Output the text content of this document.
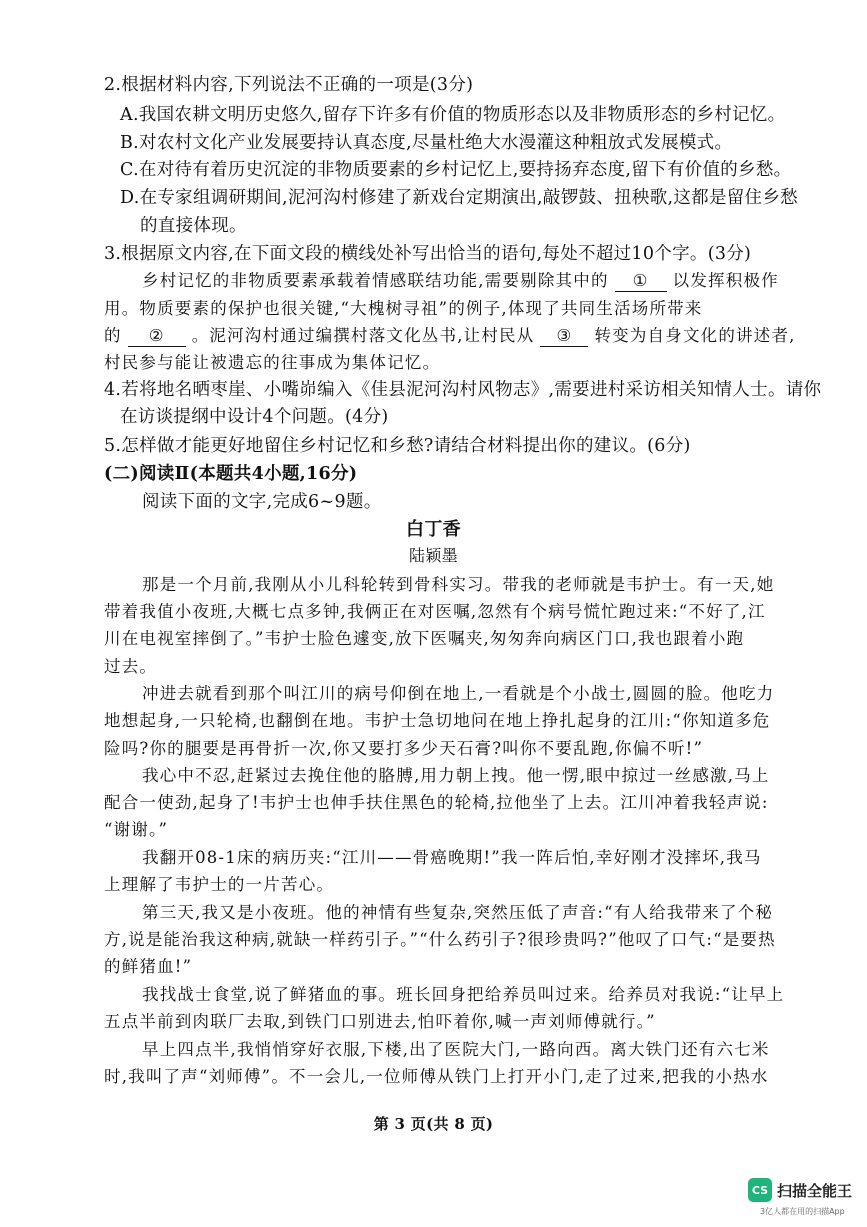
2.根据材料内容,下列说法不正确的一项是(3分)
A.我国农耕文明历史悠久,留存下许多有价值的物质形态以及非物质形态的乡村记忆。
B.对农村文化产业发展要持认真态度,尽量杜绝大水漫灌这种粗放式发展模式。
C.在对待有着历史沉淀的非物质要素的乡村记忆上,要持扬弃态度,留下有价值的乡愁。
D.在专家组调研期间,泥河沟村修建了新戏台定期演出,敲锣鼓、扭秧歌,这都是留住乡愁
的直接体现。
3.根据原文内容,在下面文段的横线处补写出恰当的语句,每处不超过10个字。(3分)
乡村记忆的非物质要素承载着情感联结功能,需要剔除其中的 ① 以发挥积极作
用。物质要素的保护也很关键,“大槐树寻祖”的例子,体现了共同生活场所带来
的 ② 。泥河沟村通过编撰村落文化丛书,让村民从 ③ 转变为自身文化的讲述者,
村民参与能让被遗忘的往事成为集体记忆。
4.若将地名晒枣崖、小嘴峁编入《佳县泥河沟村风物志》,需要进村采访相关知情人士。请你
在访谈提纲中设计4个问题。(4分)
5.怎样做才能更好地留住乡村记忆和乡愁?请结合材料提出你的建议。(6分)
(二)阅读Ⅱ(本题共4小题,16分)
阅读下面的文字,完成6~9题。
白丁香
陆颖墨
那是一个月前,我刚从小儿科轮转到骨科实习。带我的老师就是韦护士。有一天,她
带着我值小夜班,大概七点多钟,我俩正在对医嘱,忽然有个病号慌忙跑过来:“不好了,江
川在电视室摔倒了。”韦护士脸色遽变,放下医嘱夹,匆匆奔向病区门口,我也跟着小跑
过去。
冲进去就看到那个叫江川的病号仰倒在地上,一看就是个小战士,圆圆的脸。他吃力
地想起身,一只轮椅,也翻倒在地。韦护士急切地问在地上挣扎起身的江川:“你知道多危
险吗?你的腿要是再骨折一次,你又要打多少天石膏?叫你不要乱跑,你偏不听!”
我心中不忍,赶紧过去挽住他的胳膊,用力朝上拽。他一愣,眼中掠过一丝感激,马上
配合一使劲,起身了!韦护士也伸手扶住黑色的轮椅,拉他坐了上去。江川冲着我轻声说:
“谢谢。”
我翻开08-1床的病历夹:“江川——骨癌晚期!”我一阵后怕,幸好刚才没摔坏,我马
上理解了韦护士的一片苦心。
第三天,我又是小夜班。他的神情有些复杂,突然压低了声音:“有人给我带来了个秘
方,说是能治我这种病,就缺一样药引子。”“什么药引子?很珍贵吗?”他叹了口气:“是要热
的鲜猪血!”
我找战士食堂,说了鲜猪血的事。班长回身把给养员叫过来。给养员对我说:“让早上
五点半前到肉联厂去取,到铁门口别进去,怕吓着你,喊一声刘师傅就行。”
早上四点半,我悄悄穿好衣服,下楼,出了医院大门,一路向西。离大铁门还有六七米
时,我叫了声“刘师傅”。不一会儿,一位师傅从铁门上打开小门,走了过来,把我的小热水
第 3 页(共 8 页)
CS 扫描全能王
3亿人都在用的扫描App
